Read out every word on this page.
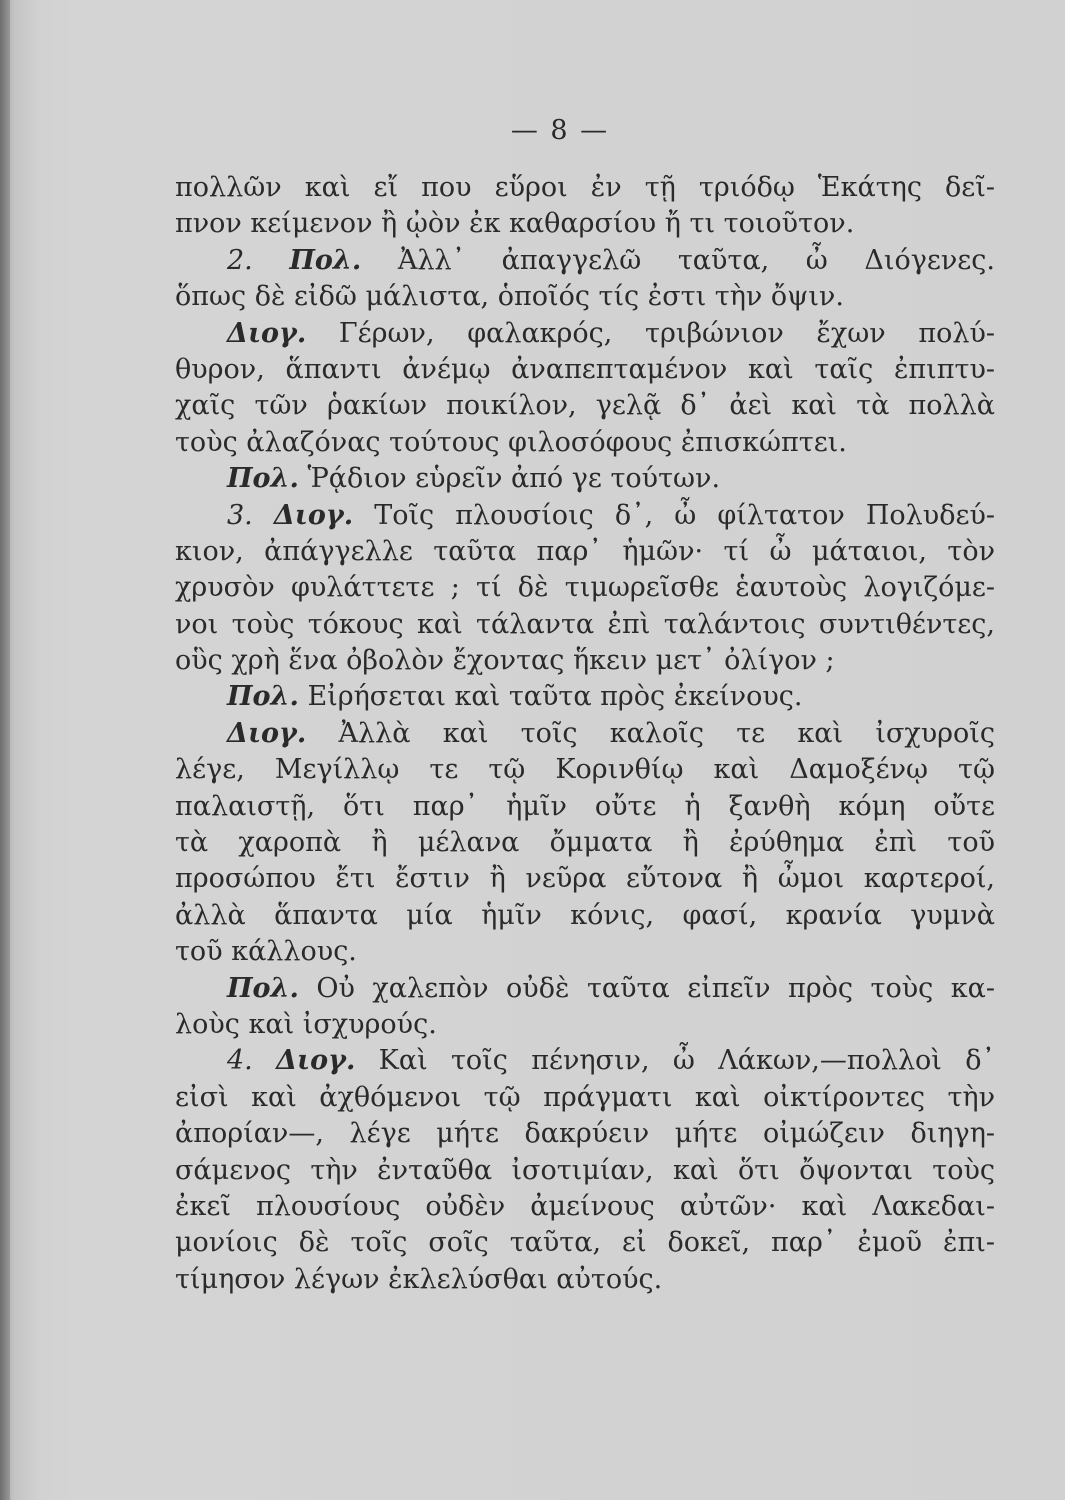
— 8 —
πολλῶν καὶ εἴ που εὕροι ἐν τῇ τριόδῳ Ἑκάτης δεῖ-
πνον κείμενον ἢ ᾠὸν ἐκ καθαρσίου ἤ τι τοιοῦτον.
2. Πολ. Ἀλλ᾽ ἀπαγγελῶ ταῦτα, ὦ Διόγενες.
ὅπως δὲ εἰδῶ μάλιστα, ὁποῖός τίς ἐστι τὴν ὄψιν.
Διογ. Γέρων, φαλακρός, τριβώνιον ἔχων πολύ-
θυρον, ἅπαντι ἀνέμῳ ἀναπεπταμένον καὶ ταῖς ἐπιπτυ-
χαῖς τῶν ῥακίων ποικίλον, γελᾷ δ᾽ ἀεὶ καὶ τὰ πολλὰ
τοὺς ἀλαζόνας τούτους φιλοσόφους ἐπισκώπτει.
Πολ. Ῥᾴδιον εὑρεῖν ἀπό γε τούτων.
3. Διογ. Τοῖς πλουσίοις δ᾽, ὦ φίλτατον Πολυδεύ-
κιον, ἀπάγγελλε ταῦτα παρ᾽ ἡμῶν· τί ὦ μάταιοι, τὸν
χρυσὸν φυλάττετε ; τί δὲ τιμωρεῖσθε ἑαυτοὺς λογιζόμε-
νοι τοὺς τόκους καὶ τάλαντα ἐπὶ ταλάντοις συντιθέντες,
οὓς χρὴ ἕνα ὀβολὸν ἔχοντας ἥκειν μετ᾽ ὀλίγον ;
Πολ. Εἰρήσεται καὶ ταῦτα πρὸς ἐκείνους.
Διογ. Ἀλλὰ καὶ τοῖς καλοῖς τε καὶ ἰσχυροῖς
λέγε, Μεγίλλῳ τε τῷ Κορινθίῳ καὶ Δαμοξένῳ τῷ
παλαιστῇ, ὅτι παρ᾽ ἡμῖν οὔτε ἡ ξανθὴ κόμη οὔτε
τὰ χαροπὰ ἢ μέλανα ὄμματα ἢ ἐρύθημα ἐπὶ τοῦ
προσώπου ἔτι ἔστιν ἢ νεῦρα εὔτονα ἢ ὦμοι καρτεροί,
ἀλλὰ ἅπαντα μία ἡμῖν κόνις, φασί, κρανία γυμνὰ
τοῦ κάλλους.
Πολ. Οὐ χαλεπὸν οὐδὲ ταῦτα εἰπεῖν πρὸς τοὺς κα-
λοὺς καὶ ἰσχυρούς.
4. Διογ. Καὶ τοῖς πένησιν, ὦ Λάκων,—πολλοὶ δ᾽
εἰσὶ καὶ ἀχθόμενοι τῷ πράγματι καὶ οἰκτίροντες τὴν
ἀπορίαν—, λέγε μήτε δακρύειν μήτε οἰμώζειν διηγη-
σάμενος τὴν ἐνταῦθα ἰσοτιμίαν, καὶ ὅτι ὄψονται τοὺς
ἐκεῖ πλουσίους οὐδὲν ἀμείνους αὐτῶν· καὶ Λακεδαι-
μονίοις δὲ τοῖς σοῖς ταῦτα, εἰ δοκεῖ, παρ᾽ ἐμοῦ ἐπι-
τίμησον λέγων ἐκλελύσθαι αὐτούς.
